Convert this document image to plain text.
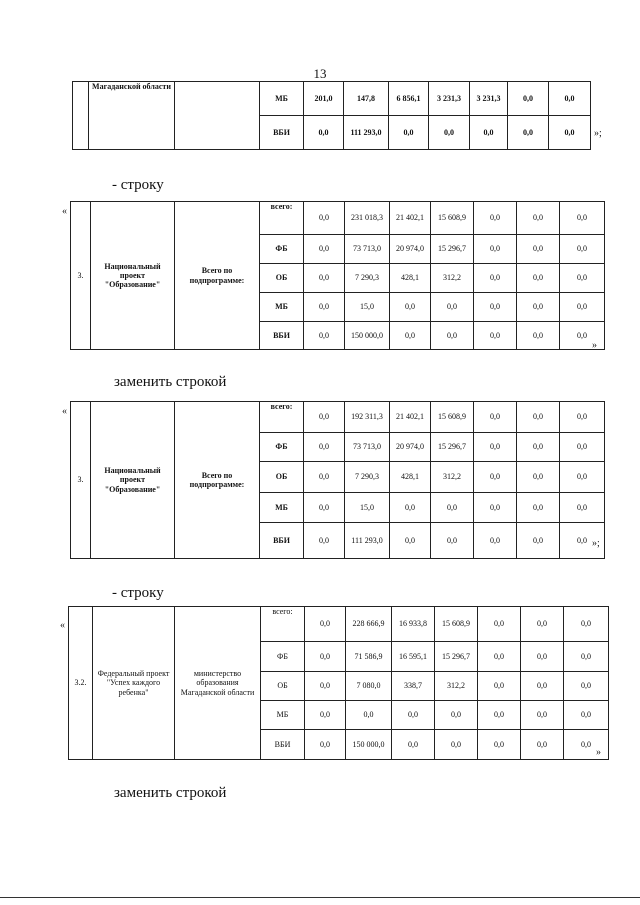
13
	Магаданской области		МБ	201,0	147,8	6 856,1	3 231,3	3 231,3	0,0	0,0
			ВБИ	0,0	111 293,0	0,0	0,0	0,0	0,0	0,0 »;
- строку
«
3.	Национальный проект "Образование"	Всего по подпрограмме:	всего:	0,0	231 018,3	21 402,1	15 608,9	0,0	0,0	0,0
			ФБ	0,0	73 713,0	20 974,0	15 296,7	0,0	0,0	0,0
			ОБ	0,0	7 290,3	428,1	312,2	0,0	0,0	0,0
			МБ	0,0	15,0	0,0	0,0	0,0	0,0	0,0
			ВБИ	0,0	150 000,0	0,0	0,0	0,0	0,0	0,0
»
заменить строкой
«
3.	Национальный проект "Образование"	Всего по подпрограмме:	всего:	0,0	192 311,3	21 402,1	15 608,9	0,0	0,0	0,0
			ФБ	0,0	73 713,0	20 974,0	15 296,7	0,0	0,0	0,0
			ОБ	0,0	7 290,3	428,1	312,2	0,0	0,0	0,0
			МБ	0,0	15,0	0,0	0,0	0,0	0,0	0,0
			ВБИ	0,0	111 293,0	0,0	0,0	0,0	0,0	0,0 »;
- строку
«
3.2.	Федеральный проект "Успех каждого ребенка"	министерство образования Магаданской области	всего:	0,0	228 666,9	16 933,8	15 608,9	0,0	0,0	0,0
			ФБ	0,0	71 586,9	16 595,1	15 296,7	0,0	0,0	0,0
			ОБ	0,0	7 080,0	338,7	312,2	0,0	0,0	0,0
			МБ	0,0	0,0	0,0	0,0	0,0	0,0	0,0
			ВБИ	0,0	150 000,0	0,0	0,0	0,0	0,0	0,0
»
заменить строкой
